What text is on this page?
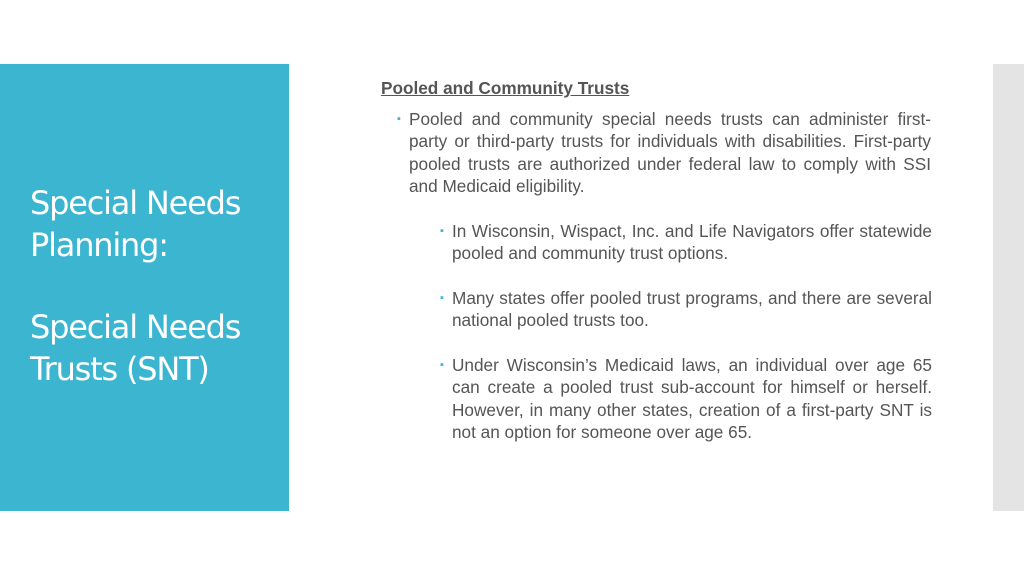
Special Needs
Planning:
Special Needs
Trusts (SNT)
Pooled and Community Trusts
▪ Pooled and community special needs trusts can administer first-party or third-party trusts for individuals with disabilities. First-party pooled trusts are authorized under federal law to comply with SSI and Medicaid eligibility.
▪ In Wisconsin, Wispact, Inc. and Life Navigators offer statewide pooled and community trust options.
▪ Many states offer pooled trust programs, and there are several national pooled trusts too.
▪ Under Wisconsin’s Medicaid laws, an individual over age 65 can create a pooled trust sub-account for himself or herself. However, in many other states, creation of a first-party SNT is not an option for someone over age 65.
